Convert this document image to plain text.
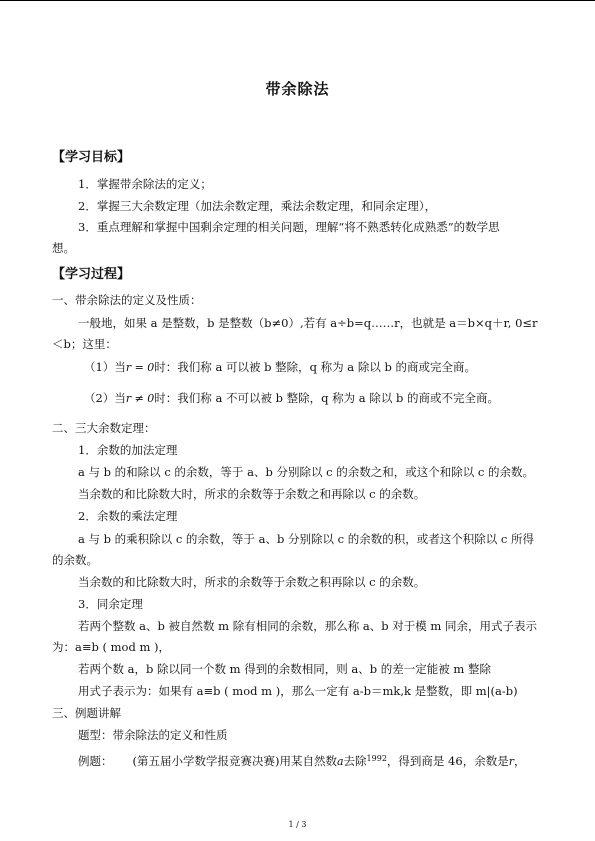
带余除法
【学习目标】
1．掌握带余除法的定义；
2．掌握三大余数定理（加法余数定理，乘法余数定理，和同余定理），
3．重点理解和掌握中国剩余定理的相关问题，理解“将不熟悉转化成熟悉”的数学思
想。
【学习过程】
一、带余除法的定义及性质：
一般地，如果 a 是整数，b 是整数（b≠0）,若有 a÷b=q……r，也就是 a＝b×q＋r, 0≤r
＜b；这里：
（1）当r = 0时：我们称 a 可以被 b 整除，q 称为 a 除以 b 的商或完全商。
（2）当r ≠ 0时：我们称 a 不可以被 b 整除，q 称为 a 除以 b 的商或不完全商。
二、三大余数定理：
1．余数的加法定理
a 与 b 的和除以 c 的余数，等于 a、b 分别除以 c 的余数之和，或这个和除以 c 的余数。
当余数的和比除数大时，所求的余数等于余数之和再除以 c 的余数。
2．余数的乘法定理
a 与 b 的乘积除以 c 的余数，等于 a、b 分别除以 c 的余数的积，或者这个积除以 c 所得
的余数。
当余数的和比除数大时，所求的余数等于余数之积再除以 c 的余数。
3．同余定理
若两个整数 a、b 被自然数 m 除有相同的余数，那么称 a、b 对于模 m 同余，用式子表示
为：a≡b ( mod m )，
若两个数 a，b 除以同一个数 m 得到的余数相同，则 a、b 的差一定能被 m 整除
用式子表示为：如果有 a≡b ( mod m )，那么一定有 a-b＝mk,k 是整数，即 m|(a-b)
三、例题讲解
题型：带余除法的定义和性质
例题： (第五届小学数学报竞赛决赛)用某自然数a去除$^{1992}$，得到商是 46，余数是r，
1 / 3
